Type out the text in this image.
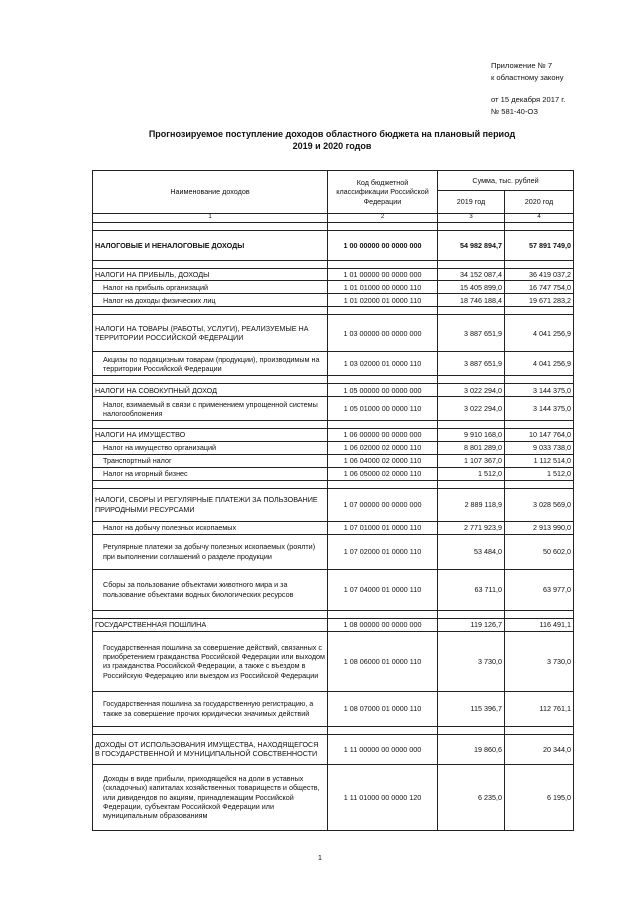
Приложение № 7
к областному закону
от 15 декабря 2017 г.
№ 581-40-ОЗ
Прогнозируемое поступление доходов областного бюджета на плановый период
2019 и 2020 годов
Наименование доходов	Код бюджетной классификации Российской Федерации	Сумма, тыс. рублей	
		2019 год	2020 год
1	2	3	4

НАЛОГОВЫЕ И НЕНАЛОГОВЫЕ ДОХОДЫ	1 00 00000 00 0000 000	54 982 894,7	57 891 749,0

НАЛОГИ НА ПРИБЫЛЬ, ДОХОДЫ	1 01 00000 00 0000 000	34 152 087,4	36 419 037,2
Налог на прибыль организаций	1 01 01000 00 0000 110	15 405 899,0	16 747 754,0
Налог на доходы физических лиц	1 01 02000 01 0000 110	18 746 188,4	19 671 283,2

НАЛОГИ НА ТОВАРЫ (РАБОТЫ, УСЛУГИ), РЕАЛИЗУЕМЫЕ НА ТЕРРИТОРИИ РОССИЙСКОЙ ФЕДЕРАЦИИ	1 03 00000 00 0000 000	3 887 651,9	4 041 256,9
Акцизы по подакцизным товарам (продукции), производимым на территории Российской Федерации	1 03 02000 01 0000 110	3 887 651,9	4 041 256,9

НАЛОГИ НА СОВОКУПНЫЙ ДОХОД	1 05 00000 00 0000 000	3 022 294,0	3 144 375,0
Налог, взимаемый в связи с применением упрощенной системы налогообложения	1 05 01000 00 0000 110	3 022 294,0	3 144 375,0

НАЛОГИ НА ИМУЩЕСТВО	1 06 00000 00 0000 000	9 910 168,0	10 147 764,0
Налог на имущество организаций	1 06 02000 02 0000 110	8 801 289,0	9 033 738,0
Транспортный налог	1 06 04000 02 0000 110	1 107 367,0	1 112 514,0
Налог на игорный бизнес	1 06 05000 02 0000 110	1 512,0	1 512,0

НАЛОГИ, СБОРЫ И РЕГУЛЯРНЫЕ ПЛАТЕЖИ ЗА ПОЛЬЗОВАНИЕ ПРИРОДНЫМИ РЕСУРСАМИ	1 07 00000 00 0000 000	2 889 118,9	3 028 569,0
Налог на добычу полезных ископаемых	1 07 01000 01 0000 110	2 771 923,9	2 913 990,0
Регулярные платежи за добычу полезных ископаемых (роялти) при выполнении соглашений о разделе продукции	1 07 02000 01 0000 110	53 484,0	50 602,0
Сборы за пользование объектами животного мира и за пользование объектами водных биологических ресурсов	1 07 04000 01 0000 110	63 711,0	63 977,0

ГОСУДАРСТВЕННАЯ ПОШЛИНА	1 08 00000 00 0000 000	119 126,7	116 491,1
Государственная пошлина за совершение действий, связанных с приобретением гражданства Российской Федерации или выходом из гражданства Российской Федерации, а также с въездом в Российскую Федерацию или выездом из Российской Федерации	1 08 06000 01 0000 110	3 730,0	3 730,0
Государственная пошлина за государственную регистрацию, а также за совершение прочих юридически значимых действий	1 08 07000 01 0000 110	115 396,7	112 761,1

ДОХОДЫ ОТ ИСПОЛЬЗОВАНИЯ ИМУЩЕСТВА, НАХОДЯЩЕГОСЯ В ГОСУДАРСТВЕННОЙ И МУНИЦИПАЛЬНОЙ СОБСТВЕННОСТИ	1 11 00000 00 0000 000	19 860,6	20 344,0
Доходы в виде прибыли, приходящейся на доли в уставных (складочных) капиталах хозяйственных товариществ и обществ, или дивидендов по акциям, принадлежащим Российской Федерации, субъектам Российской Федерации или муниципальным образованиям	1 11 01000 00 0000 120	6 235,0	6 195,0
1
